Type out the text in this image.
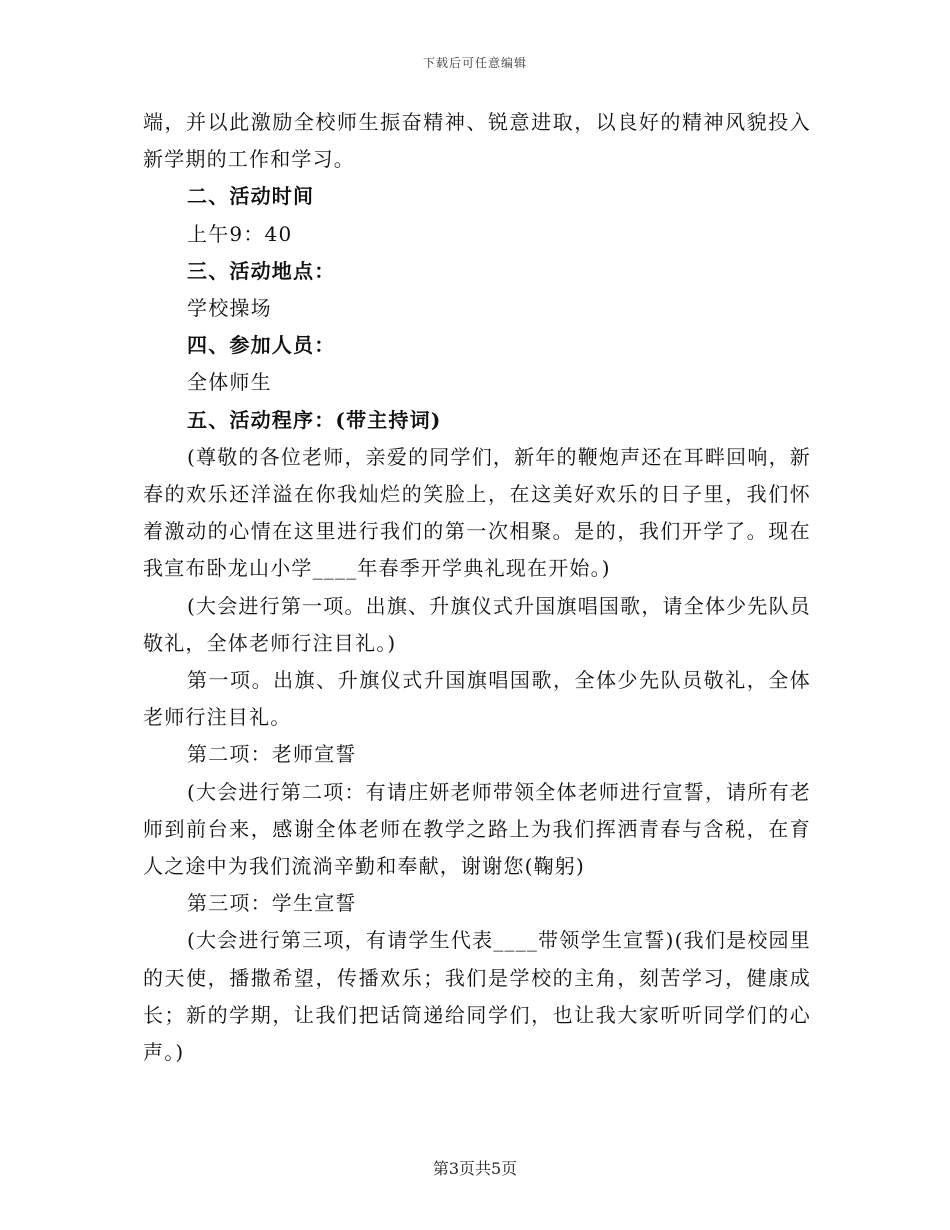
下载后可任意编辑

端，并以此激励全校师生振奋精神、锐意进取，以良好的精神风貌投入新学期的工作和学习。

二、活动时间

上午9：40

三、活动地点：

学校操场

四、参加人员：

全体师生

五、活动程序：(带主持词)

(尊敬的各位老师，亲爱的同学们，新年的鞭炮声还在耳畔回响，新春的欢乐还洋溢在你我灿烂的笑脸上，在这美好欢乐的日子里，我们怀着激动的心情在这里进行我们的第一次相聚。是的，我们开学了。现在我宣布卧龙山小学____年春季开学典礼现在开始。)

(大会进行第一项。出旗、升旗仪式升国旗唱国歌，请全体少先队员敬礼，全体老师行注目礼。)

第一项。出旗、升旗仪式升国旗唱国歌，全体少先队员敬礼，全体老师行注目礼。

第二项：老师宣誓

(大会进行第二项：有请庄妍老师带领全体老师进行宣誓，请所有老师到前台来，感谢全体老师在教学之路上为我们挥洒青春与含税，在育人之途中为我们流淌辛勤和奉献，谢谢您(鞠躬)

第三项：学生宣誓

(大会进行第三项，有请学生代表____带领学生宣誓)(我们是校园里的天使，播撒希望，传播欢乐；我们是学校的主角，刻苦学习，健康成长；新的学期，让我们把话筒递给同学们，也让我大家听听同学们的心声。)

第3页共5页
